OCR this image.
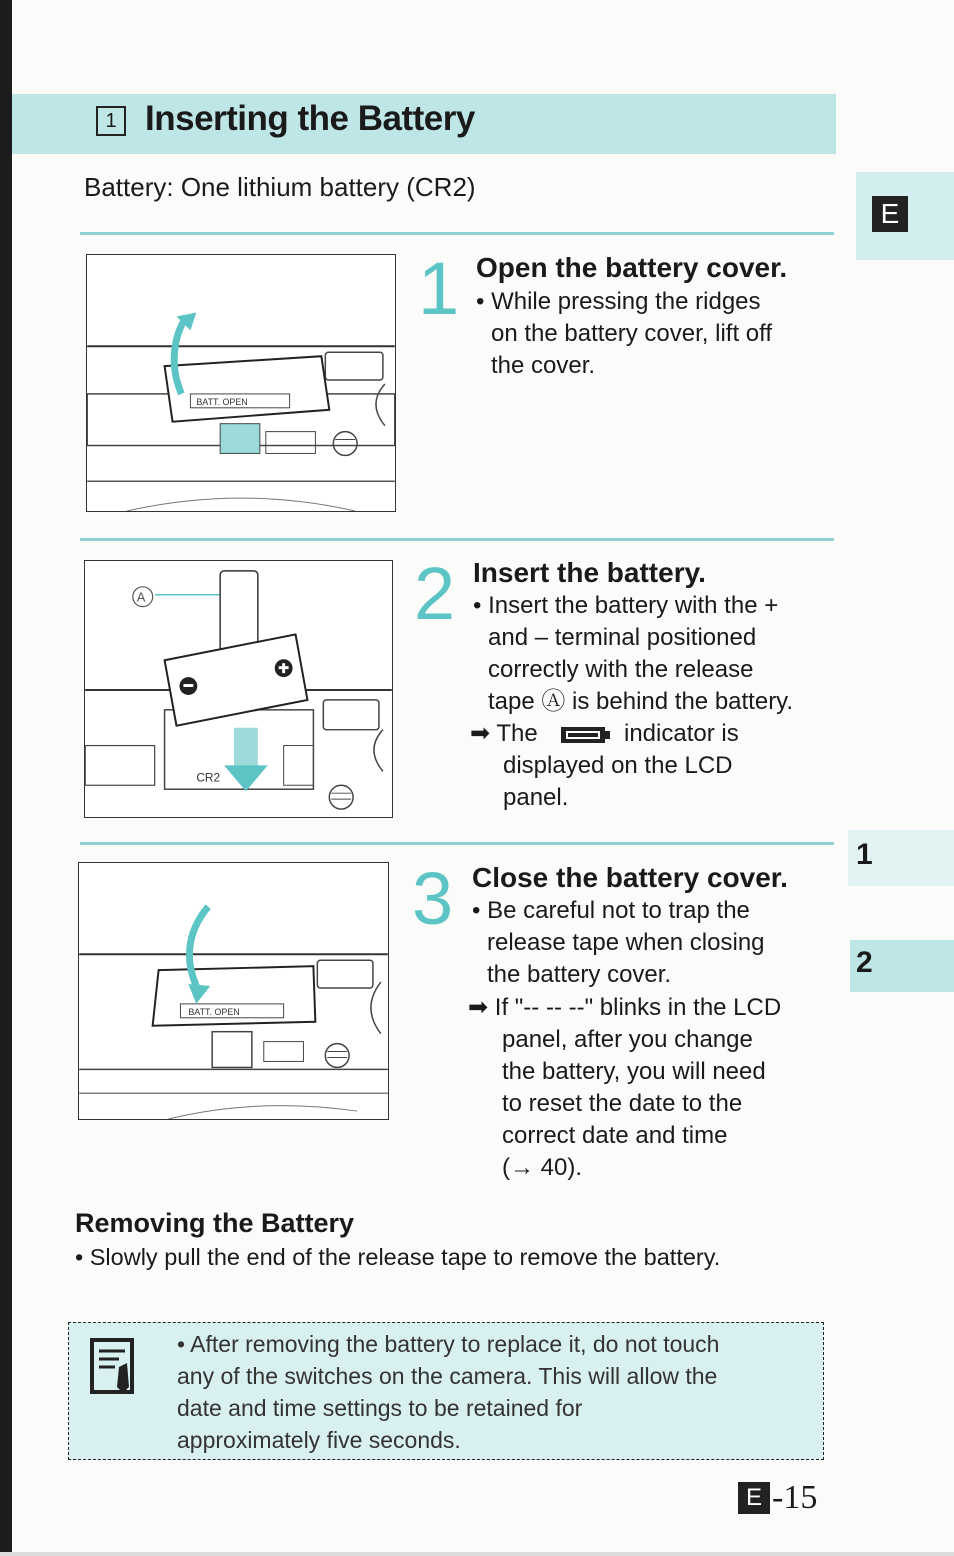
1 Inserting the Battery
Battery: One lithium battery (CR2)
E
1
2
BATT. OPEN
1 Open the battery cover.
• While pressing the ridges
on the battery cover, lift off
the cover.
A
CR2
2 Insert the battery.
• Insert the battery with the +
and – terminal positioned
correctly with the release
tape Ⓐ is behind the battery.
➡ The	indicator is
displayed on the LCD
panel.
BATT. OPEN
3 Close the battery cover.
• Be careful not to trap the
release tape when closing
the battery cover.
➡ If "-- -- --" blinks in the LCD
panel, after you change
the battery, you will need
to reset the date to the
correct date and time
(→ 40).
Removing the Battery
• Slowly pull the end of the release tape to remove the battery.
• After removing the battery to replace it, do not touch
any of the switches on the camera. This will allow the
date and time settings to be retained for
approximately five seconds.
E -15
